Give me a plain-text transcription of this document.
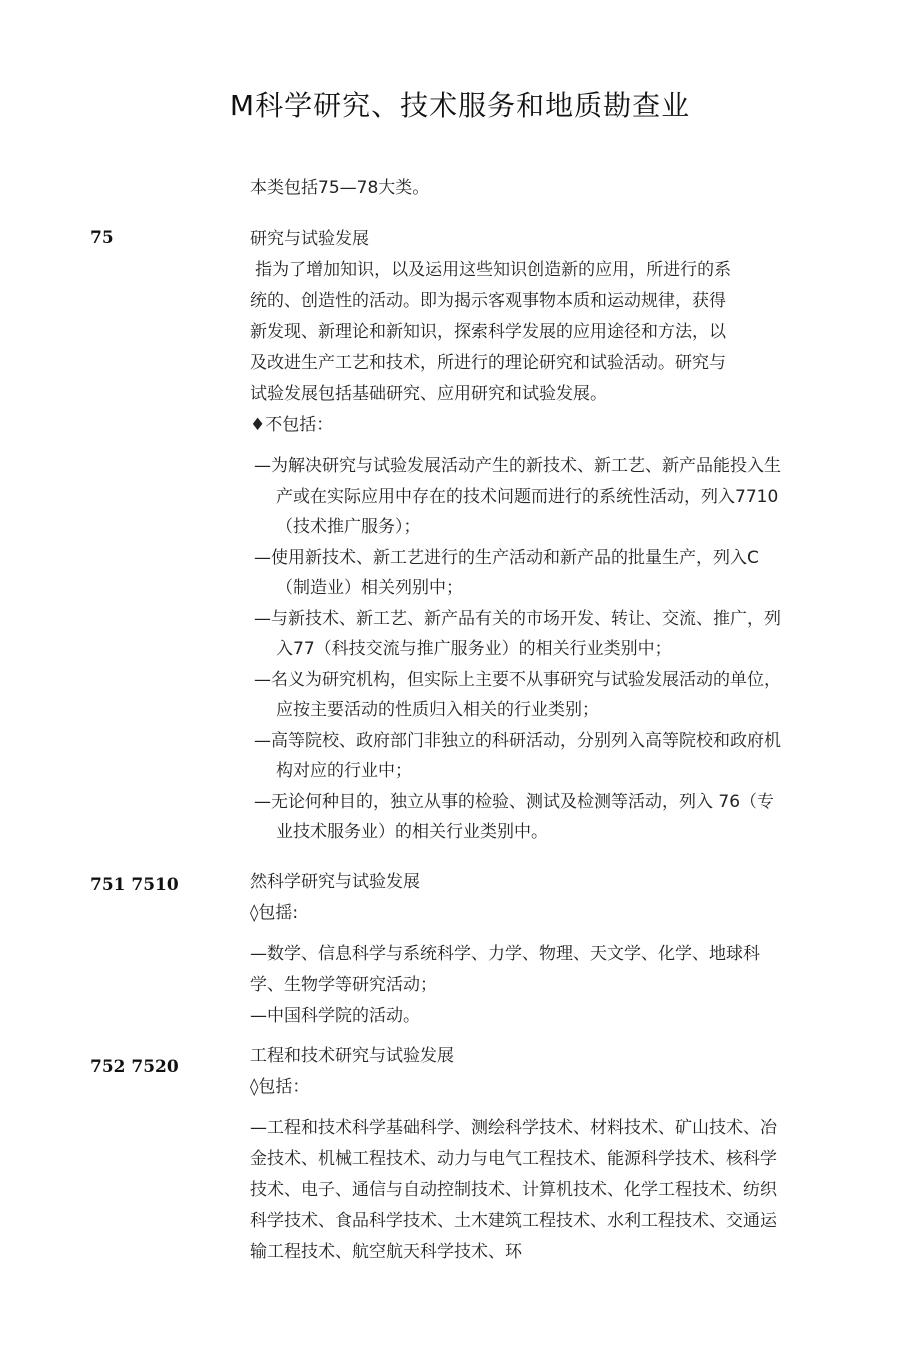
M科学研究、技术服务和地质勘查业
本类包括75—78大类。
75	研究与试验发展

指为了增加知识，以及运用这些知识创造新的应用，所进行的系

统的、创造性的活动。即为揭示客观事物本质和运动规律，获得

新发现、新理论和新知识，探索科学发展的应用途径和方法，以

及改进生产工艺和技术，所进行的理论研究和试验活动。研究与

试验发展包括基础研究、应用研究和试验发展。

♦不包括：

—为解决研究与试验发展活动产生的新技术、新工艺、新产品能投入生产或在实际应用中存在的技术问题而进行的系统性活动，列入7710（技术推广服务）；

—使用新技术、新工艺进行的生产活动和新产品的批量生产，列入C（制造业）相关列别中；

—与新技术、新工艺、新产品有关的市场开发、转让、交流、推广，列入77（科技交流与推广服务业）的相关行业类别中；

—名义为研究机构，但实际上主要不从事研究与试验发展活动的单位，应按主要活动的性质归入相关的行业类别；

—高等院校、政府部门非独立的科研活动，分别列入高等院校和政府机构对应的行业中；

—无论何种目的，独立从事的检验、测试及检测等活动，列入 76（专业技术服务业）的相关行业类别中。

751 7510	然科学研究与试验发展

◊包揺:

—数学、信息科学与系统科学、力学、物理、天文学、化学、地球科学、生物学等研究活动；

—中国科学院的活动。

752 7520

工程和技术研究与试验发展

◊包括：

—工程和技术科学基础科学、测绘科学技术、材料技术、矿山技术、冶金技术、机械工程技术、动力与电气工程技术、能源科学技术、核科学技术、电子、通信与自动控制技术、计算机技术、化学工程技术、纺织科学技术、食品科学技术、土木建筑工程技术、水利工程技术、交通运输工程技术、航空航天科学技术、环
